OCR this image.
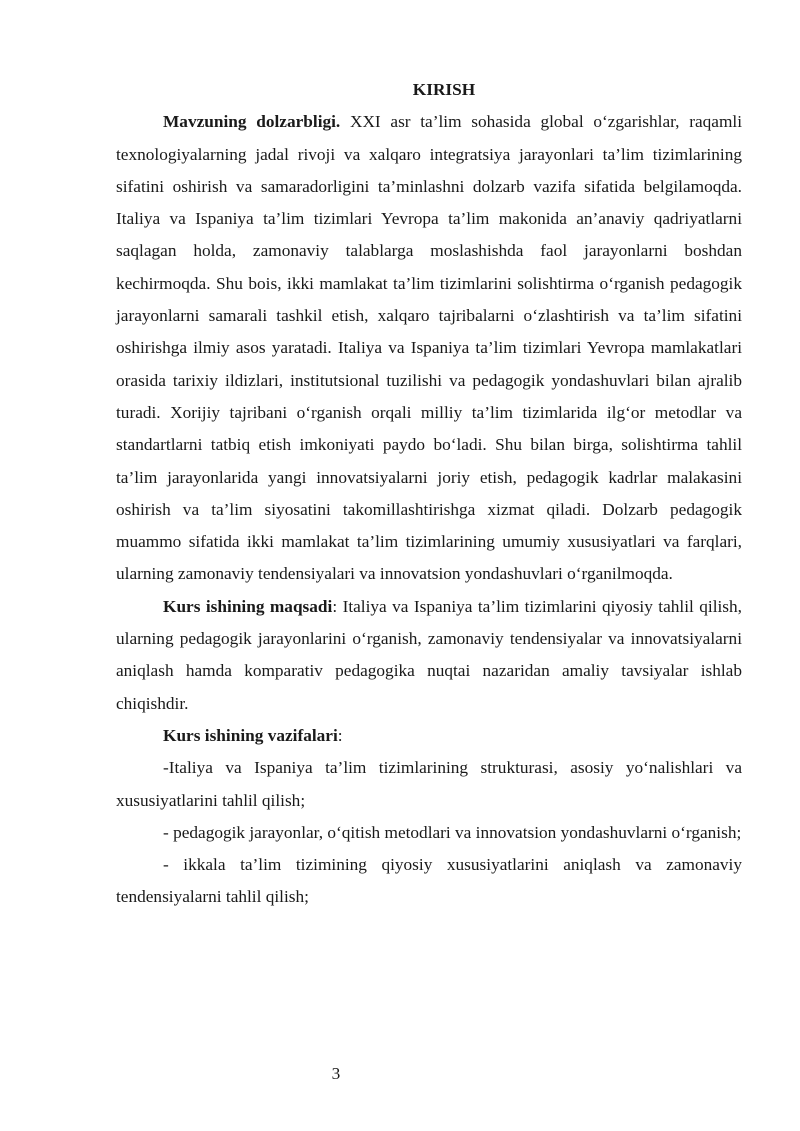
KIRISH

Mavzuning dolzarbligi. XXI asr ta’lim sohasida global o‘zgarishlar, raqamli texnologiyalarning jadal rivoji va xalqaro integratsiya jarayonlari ta’lim tizimlarining sifatini oshirish va samaradorligini ta’minlashni dolzarb vazifa sifatida belgilamoqda. Italiya va Ispaniya ta’lim tizimlari Yevropa ta’lim makonida an’anaviy qadriyatlarni saqlagan holda, zamonaviy talablarga moslashishda faol jarayonlarni boshdan kechirmoqda. Shu bois, ikki mamlakat ta’lim tizimlarini solishtirma o‘rganish pedagogik jarayonlarni samarali tashkil etish, xalqaro tajribalarni o‘zlashtirish va ta’lim sifatini oshirishga ilmiy asos yaratadi. Italiya va Ispaniya ta’lim tizimlari Yevropa mamlakatlari orasida tarixiy ildizlari, institutsional tuzilishi va pedagogik yondashuvlari bilan ajralib turadi. Xorijiy tajribani o‘rganish orqali milliy ta’lim tizimlarida ilg‘or metodlar va standartlarni tatbiq etish imkoniyati paydo bo‘ladi. Shu bilan birga, solishtirma tahlil ta’lim jarayonlarida yangi innovatsiyalarni joriy etish, pedagogik kadrlar malakasini oshirish va ta’lim siyosatini takomillashtirishga xizmat qiladi. Dolzarb pedagogik muammo sifatida ikki mamlakat ta’lim tizimlarining umumiy xususiyatlari va farqlari, ularning zamonaviy tendensiyalari va innovatsion yondashuvlari o‘rganilmoqda.

Kurs ishining maqsadi: Italiya va Ispaniya ta’lim tizimlarini qiyosiy tahlil qilish, ularning pedagogik jarayonlarini o‘rganish, zamonaviy tendensiyalar va innovatsiyalarni aniqlash hamda komparativ pedagogika nuqtai nazaridan amaliy tavsiyalar ishlab chiqishdir.

Kurs ishining vazifalari:

-Italiya va Ispaniya ta’lim tizimlarining strukturasi, asosiy yo‘nalishlari va xususiyatlarini tahlil qilish;

- pedagogik jarayonlar, o‘qitish metodlari va innovatsion yondashuvlarni o‘rganish;

- ikkala ta’lim tizimining qiyosiy xususiyatlarini aniqlash va zamonaviy tendensiyalarni tahlil qilish;

3
